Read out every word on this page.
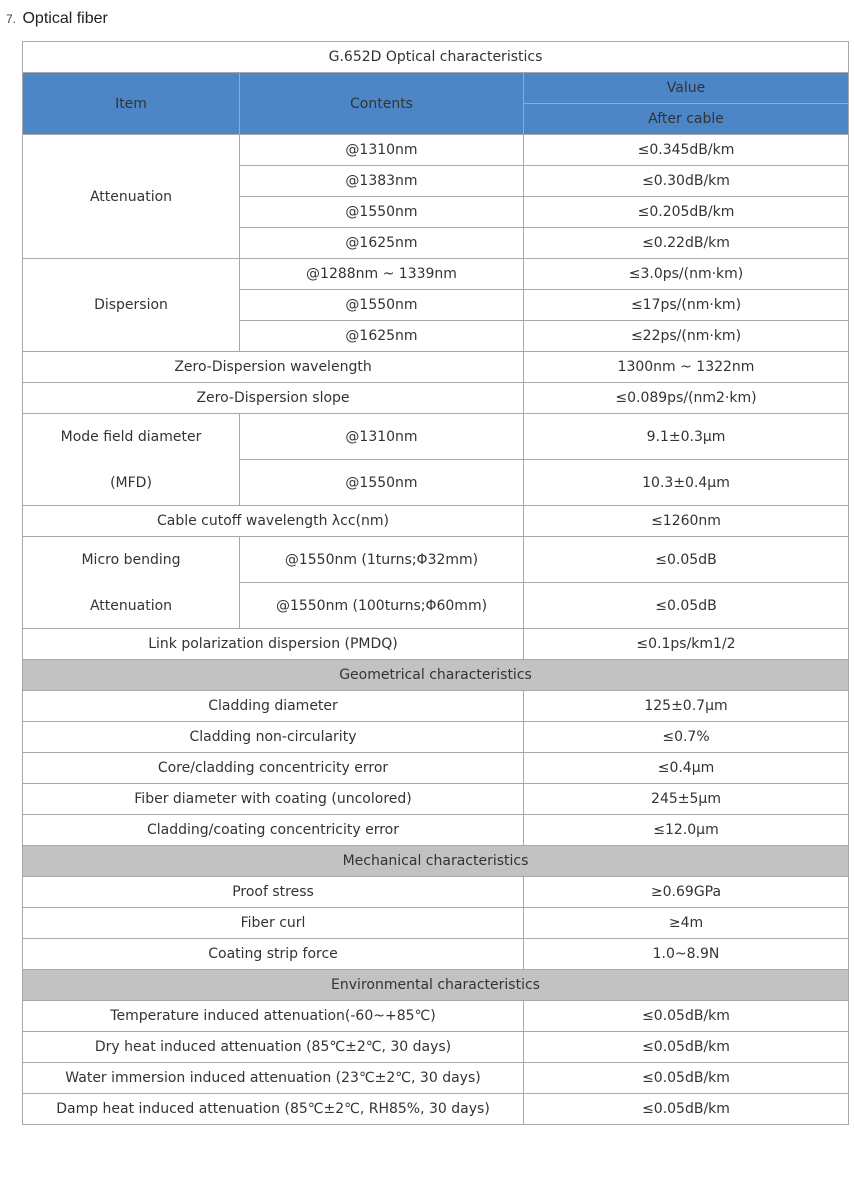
7. Optical fiber
G.652D Optical characteristics		
Item	Contents	Value
		After cable
Attenuation	@1310nm	≤0.345dB/km
	@1383nm	≤0.30dB/km
	@1550nm	≤0.205dB/km
	@1625nm	≤0.22dB/km
Dispersion	@1288nm ~ 1339nm	≤3.0ps/(nm·km)
	@1550nm	≤17ps/(nm·km)
	@1625nm	≤22ps/(nm·km)
Zero-Dispersion wavelength		1300nm ~ 1322nm
Zero-Dispersion slope		≤0.089ps/(nm2·km)
Mode field diameter
(MFD)	@1310nm	9.1±0.3μm
	@1550nm	10.3±0.4μm
Cable cutoff wavelength λcc(nm)		≤1260nm
Micro bending
Attenuation	@1550nm (1turns;Φ32mm)	≤0.05dB
	@1550nm (100turns;Φ60mm)	≤0.05dB
Link polarization dispersion (PMDQ)		≤0.1ps/km1/2
Geometrical characteristics		
Cladding diameter		125±0.7μm
Cladding non-circularity		≤0.7%
Core/cladding concentricity error		≤0.4μm
Fiber diameter with coating (uncolored)		245±5μm
Cladding/coating concentricity error		≤12.0μm
Mechanical characteristics		
Proof stress		≥0.69GPa
Fiber curl		≥4m
Coating strip force		1.0~8.9N
Environmental characteristics		
Temperature induced attenuation(-60~+85℃)		≤0.05dB/km
Dry heat induced attenuation (85℃±2℃, 30 days)		≤0.05dB/km
Water immersion induced attenuation (23℃±2℃, 30 days)		≤0.05dB/km
Damp heat induced attenuation (85℃±2℃, RH85%, 30 days)		≤0.05dB/km
